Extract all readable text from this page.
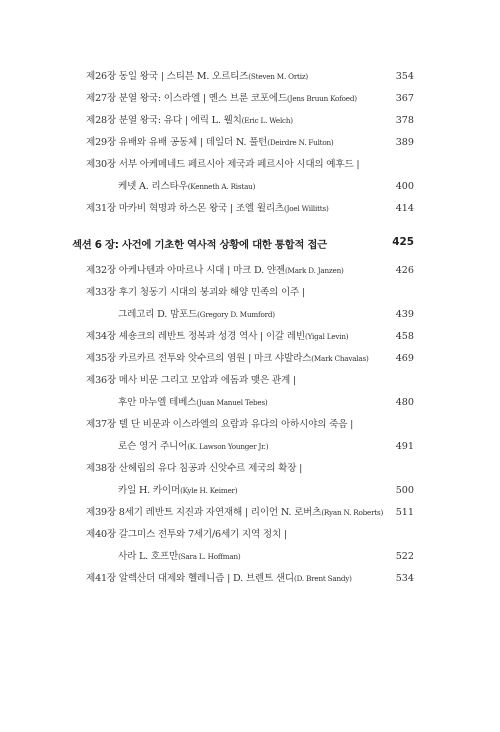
제26장 동일 왕국 | 스티븐 M. 오르티즈(Steven M. Ortiz)	354
제27장 분열 왕국: 이스라엘 | 옌스 브룬 코포에드(Jens Bruun Kofoed)	367
제28장 분열 왕국: 유다 | 에릭 L. 웰치(Eric L. Welch)	378
제29장 유배와 유배 공동체 | 데일더 N. 풀턴(Deirdre N. Fulton)	389
제30장 서부 아케메네드 페르시아 제국과 페르시아 시대의 예후드 |
케넷 A. 리스타우(Kenneth A. Ristau)	400
제31장 마카비 혁명과 하스몬 왕국 | 조엘 윌리츠(Joel Willitts)	414
섹션 6 장: 사건에 기초한 역사적 상황에 대한 통합적 접근	425
제32장 아케나텐과 아마르나 시대 | 마크 D. 얀젠(Mark D. Janzen)	426
제33장 후기 청동기 시대의 붕괴와 해양 민족의 이주 |
그레고리 D. 맘포드(Gregory D. Mumford)	439
제34장 셰숑크의 레반트 정복과 성경 역사 | 이갈 레빈(Yigal Levin)	458
제35장 카르카르 전투와 앗수르의 염원 | 마크 샤발라스(Mark Chavalas)	469
제36장 메사 비문 그리고 모압과 에돔과 맺은 관계 |
후안 마누엘 테베스(Juan Manuel Tebes)	480
제37장 텔 단 비문과 이스라엘의 요람과 유다의 아하시야의 죽음 |
로슨 영거 주니어(K. Lawson Younger Jr.)	491
제38장 산헤립의 유다 침공과 신앗수르 제국의 확장 |
카일 H. 카이머(Kyle H. Keimer)	500
제39장 8세기 레반트 지진과 자연재해 | 리이언 N. 로버츠(Ryan N. Roberts) 511
제40장 갈그미스 전투와 7세기/6세기 지역 정치 |
사라 L. 호프만(Sara L. Hoffman)	522
제41장 알렉산더 대제와 헬레니즘 | D. 브렌트 샌디(D. Brent Sandy)	534
